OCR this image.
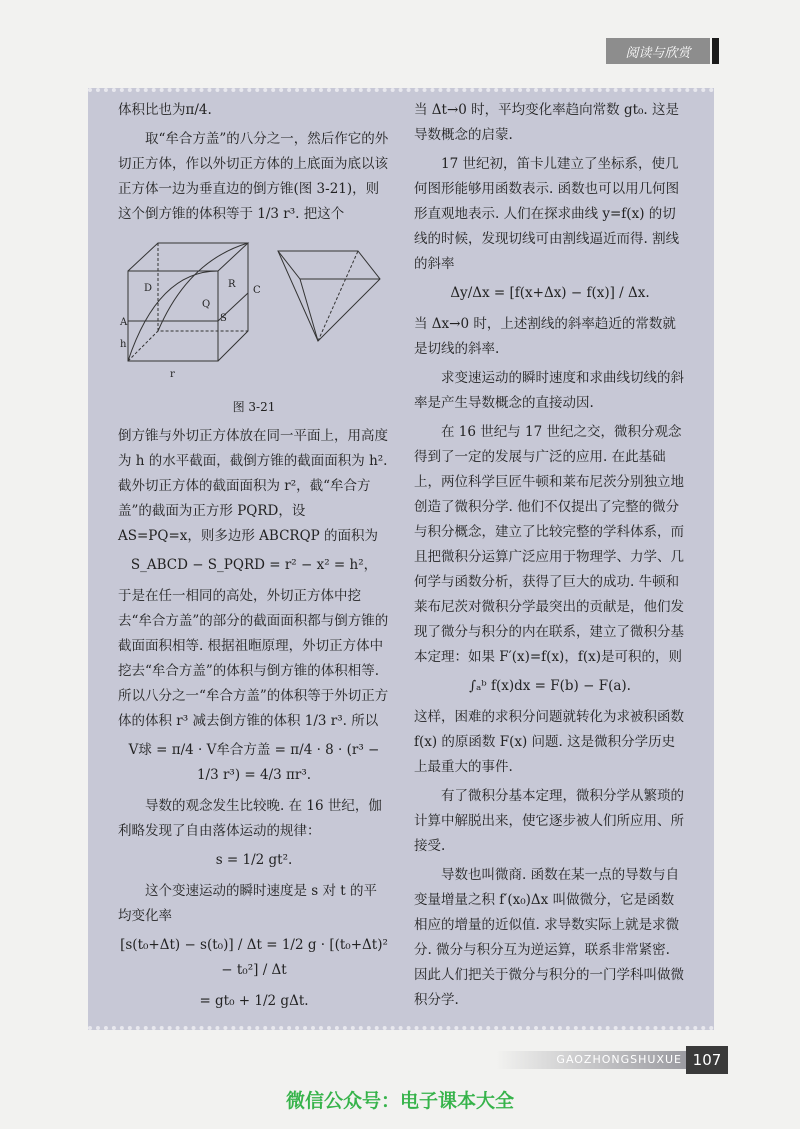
阅读与欣赏

体积比也为π/4.

取“牟合方盖”的八分之一，然后作它的外切正方体，作以外切正方体的上底面为底以该正方体一边为垂直边的倒方锥(图 3-21)，则这个倒方锥的体积等于 1/3 r³. 把这个

A	S
C
D	R
Q
h
r
图 3-21

倒方锥与外切正方体放在同一平面上，用高度为 h 的水平截面，截倒方锥的截面面积为 h². 截外切正方体的截面面积为 r²，截“牟合方盖”的截面为正方形 PQRD，设 AS=PQ=x，则多边形 ABCRQP 的面积为

S_ABCD − S_PQRD = r² − x² = h²，

于是在任一相同的高处，外切正方体中挖去“牟合方盖”的部分的截面面积都与倒方锥的截面面积相等. 根据祖暅原理，外切正方体中挖去“牟合方盖”的体积与倒方锥的体积相等. 所以八分之一“牟合方盖”的体积等于外切正方体的体积 r³ 减去倒方锥的体积 1/3 r³. 所以

V球 = π/4 · V牟合方盖 = π/4 · 8 · (r³ − 1/3 r³) = 4/3 πr³.

导数的观念发生比较晚. 在 16 世纪，伽利略发现了自由落体运动的规律：

s = 1/2 gt².

这个变速运动的瞬时速度是 s 对 t 的平均变化率

[s(t₀+Δt) − s(t₀)] / Δt = 1/2 g · [(t₀+Δt)² − t₀²] / Δt
= gt₀ + 1/2 gΔt.

当 Δt→0 时，平均变化率趋向常数 gt₀. 这是导数概念的启蒙.

17 世纪初，笛卡儿建立了坐标系，使几何图形能够用函数表示. 函数也可以用几何图形直观地表示. 人们在探求曲线 y=f(x) 的切线的时候，发现切线可由割线逼近而得. 割线的斜率

Δy/Δx = [f(x+Δx) − f(x)] / Δx.

当 Δx→0 时，上述割线的斜率趋近的常数就是切线的斜率.

求变速运动的瞬时速度和求曲线切线的斜率是产生导数概念的直接动因.

在 16 世纪与 17 世纪之交，微积分观念得到了一定的发展与广泛的应用. 在此基础上，两位科学巨匠牛顿和莱布尼茨分别独立地创造了微积分学. 他们不仅提出了完整的微分与积分概念，建立了比较完整的学科体系，而且把微积分运算广泛应用于物理学、力学、几何学与函数分析，获得了巨大的成功. 牛顿和莱布尼茨对微积分学最突出的贡献是，他们发现了微分与积分的内在联系，建立了微积分基本定理：如果 F′(x)=f(x)，f(x)是可积的，则

∫ₐᵇ f(x)dx = F(b) − F(a).

这样，困难的求积分问题就转化为求被积函数 f(x) 的原函数 F(x) 问题. 这是微积分学历史上最重大的事件.

有了微积分基本定理，微积分学从繁琐的计算中解脱出来，使它逐步被人们所应用、所接受.

导数也叫微商. 函数在某一点的导数与自变量增量之积 f′(x₀)Δx 叫做微分，它是函数相应的增量的近似值. 求导数实际上就是求微分. 微分与积分互为逆运算，联系非常紧密. 因此人们把关于微分与积分的一门学科叫做微积分学.

GAOZHONGSHUXUE 107
微信公众号：电子课本大全
